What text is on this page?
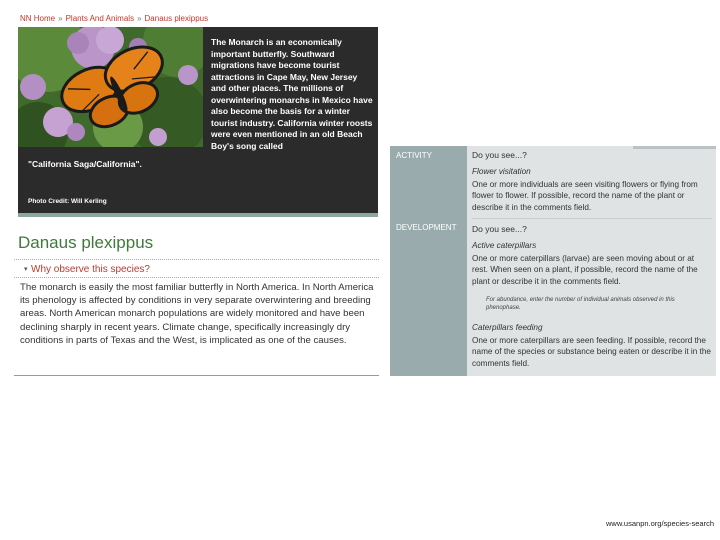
NN Home » Plants And Animals » Danaus plexippus
The Monarch is an economically important butterfly. Southward migrations have become tourist attractions in Cape May, New Jersey and other places. The millions of overwintering monarchs in Mexico have also become the basis for a winter tourist industry. California winter roosts were even mentioned in an old Beach Boy's song called
"California Saga/California".
Photo Credit: Will Kerling
Danaus plexippus
▾ Why observe this species?
The monarch is easily the most familiar butterfly in North America. In North America its phenology is affected by conditions in very separate overwintering and breeding areas. North American monarch populations are widely monitored and have been declining sharply in recent years. Climate change, specifically increasingly dry conditions in parts of Texas and the West, is implicated as one of the causes.
ACTIVITY
DEVELOPMENT
Do you see...?
Flower visitation
One or more individuals are seen visiting flowers or flying from flower to flower. If possible, record the name of the plant or describe it in the comments field.
Do you see...?
Active caterpillars
One or more caterpillars (larvae) are seen moving about or at rest. When seen on a plant, if possible, record the name of the plant or describe it in the comments field.
For abundance, enter the number of individual animals observed in this phenophase.
Caterpillars feeding
One or more caterpillars are seen feeding. If possible, record the name of the species or substance being eaten or describe it in the comments field.
www.usanpn.org/species-search
